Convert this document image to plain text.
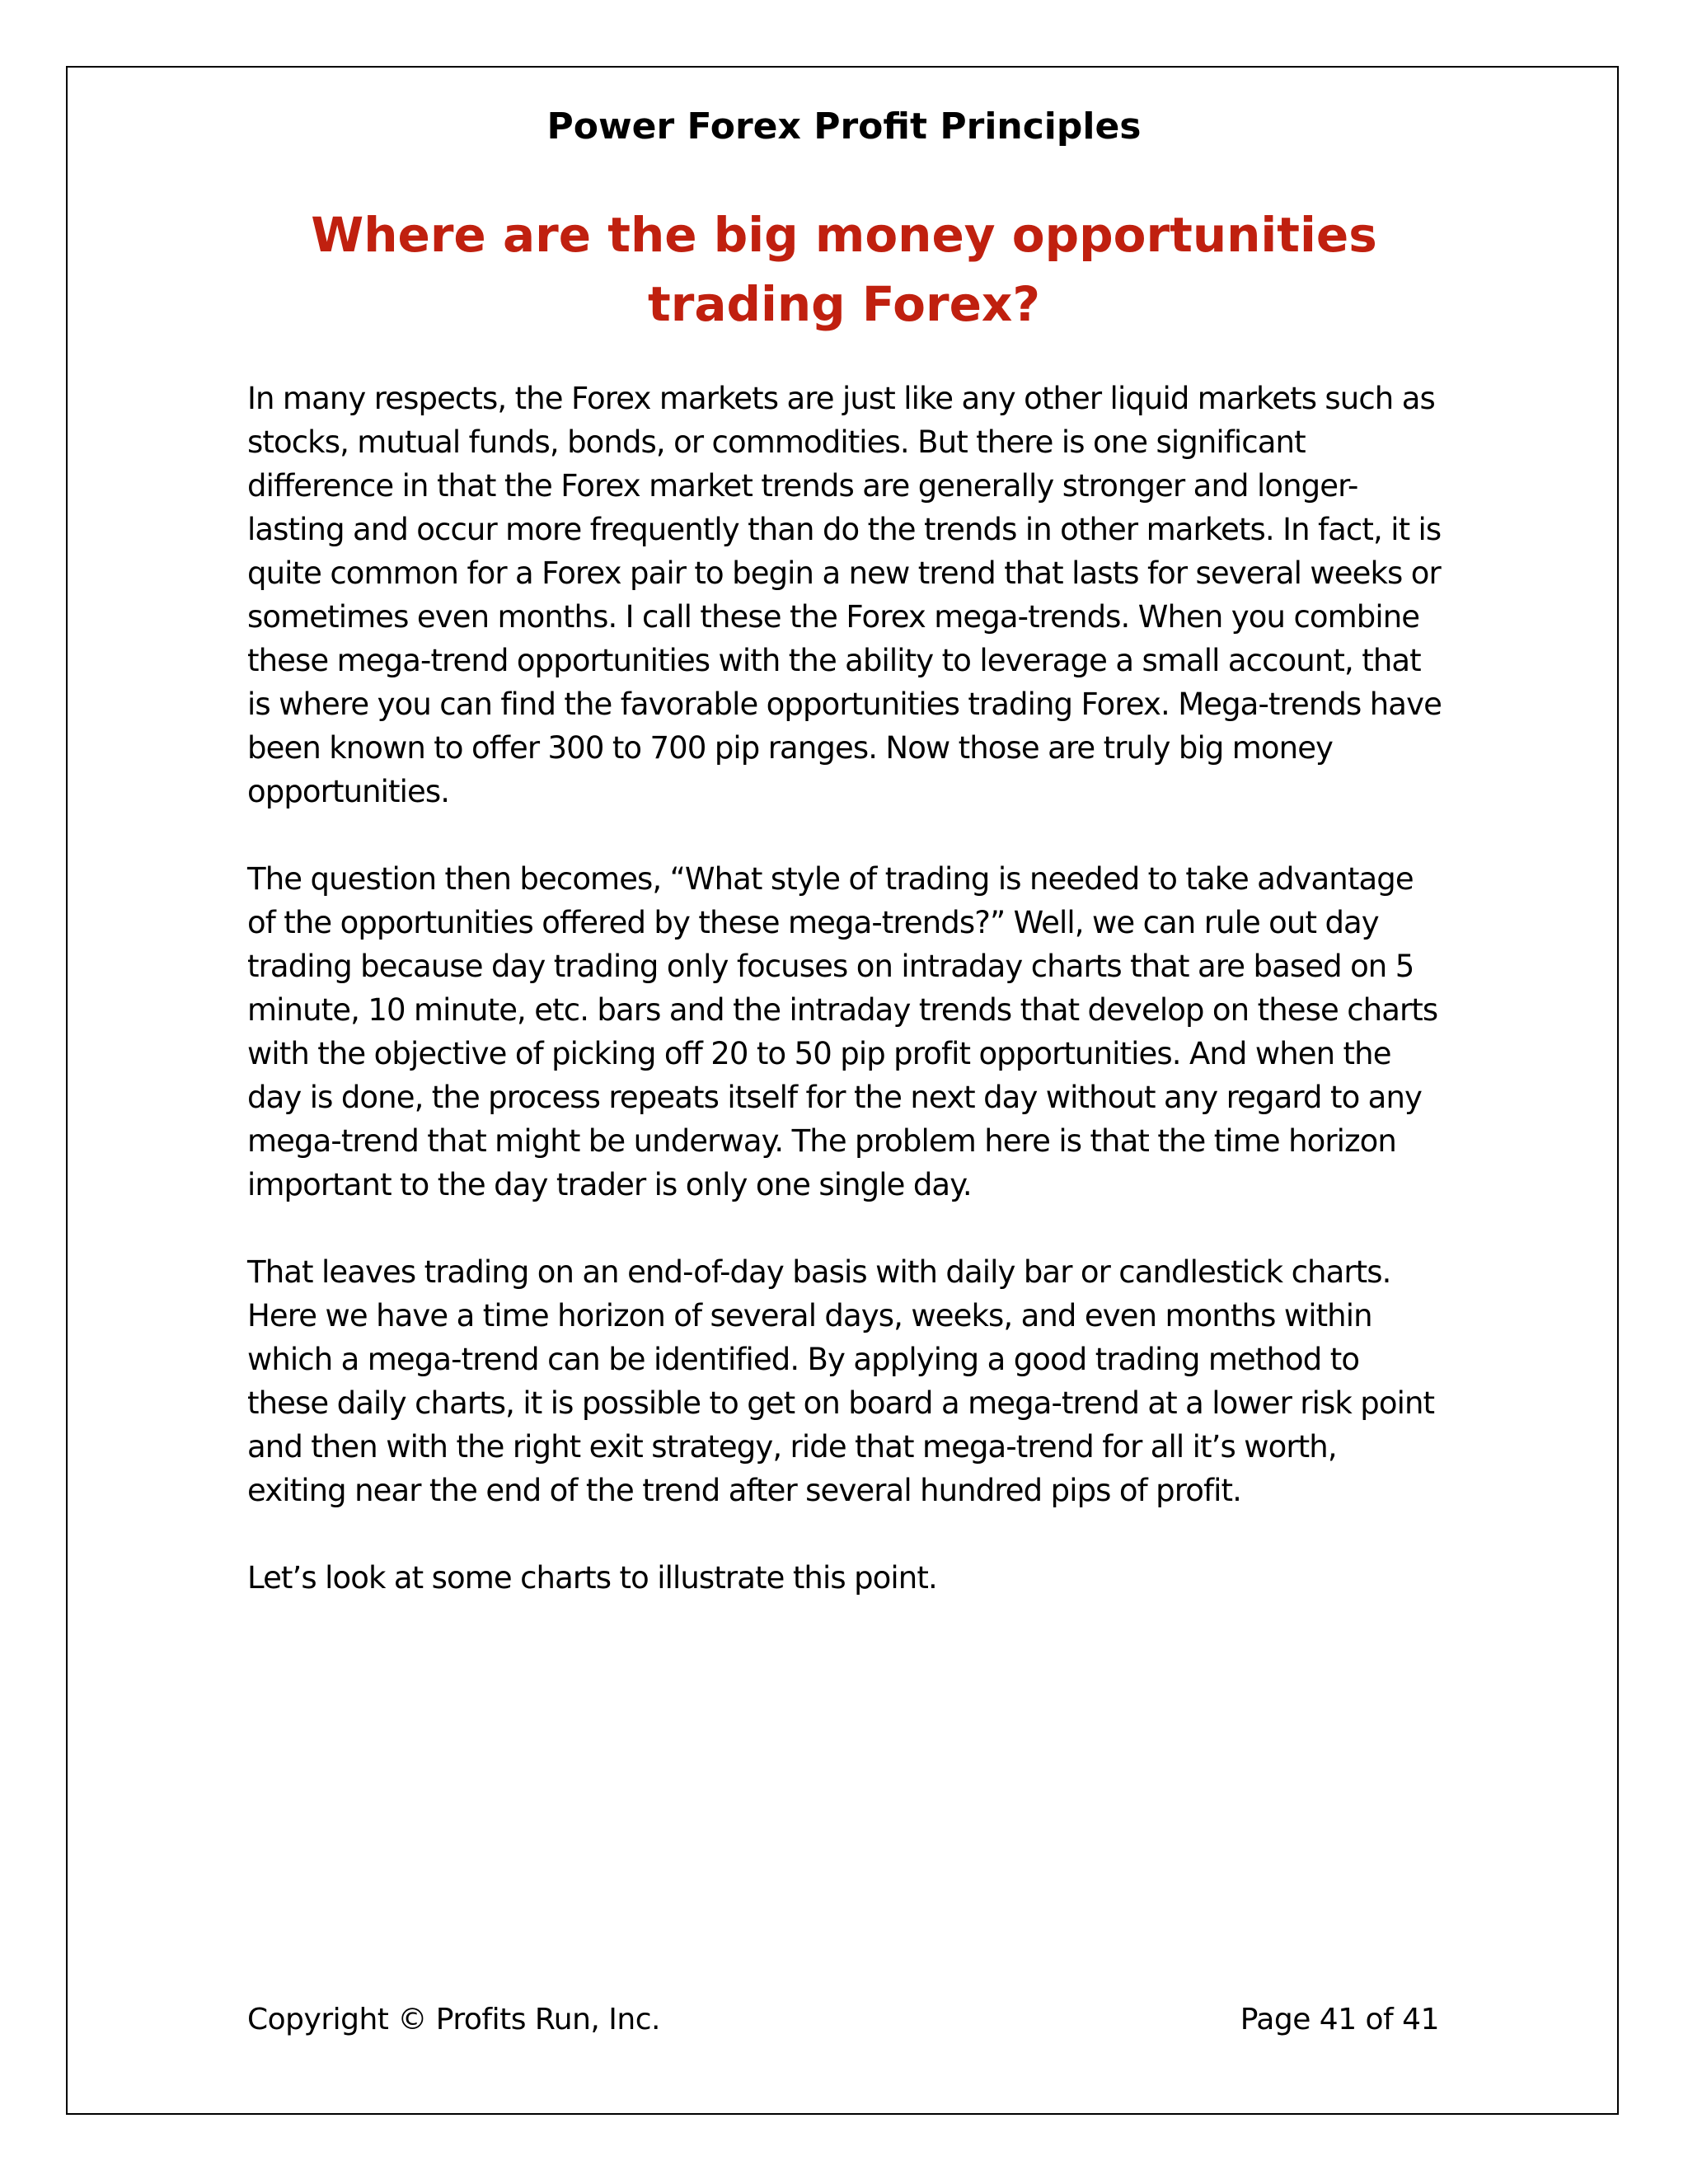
Power Forex Profit Principles
Where are the big money opportunities
trading Forex?

In many respects, the Forex markets are just like any other liquid markets such as stocks, mutual funds, bonds, or commodities. But there is one significant difference in that the Forex market trends are generally stronger and longer-lasting and occur more frequently than do the trends in other markets. In fact, it is quite common for a Forex pair to begin a new trend that lasts for several weeks or sometimes even months. I call these the Forex mega-trends. When you combine these mega-trend opportunities with the ability to leverage a small account, that is where you can find the favorable opportunities trading Forex. Mega-trends have been known to offer 300 to 700 pip ranges. Now those are truly big money opportunities.

The question then becomes, “What style of trading is needed to take advantage of the opportunities offered by these mega-trends?” Well, we can rule out day trading because day trading only focuses on intraday charts that are based on 5 minute, 10 minute, etc. bars and the intraday trends that develop on these charts with the objective of picking off 20 to 50 pip profit opportunities. And when the day is done, the process repeats itself for the next day without any regard to any mega-trend that might be underway. The problem here is that the time horizon important to the day trader is only one single day.

That leaves trading on an end-of-day basis with daily bar or candlestick charts. Here we have a time horizon of several days, weeks, and even months within which a mega-trend can be identified. By applying a good trading method to these daily charts, it is possible to get on board a mega-trend at a lower risk point and then with the right exit strategy, ride that mega-trend for all it’s worth, exiting near the end of the trend after several hundred pips of profit.

Let’s look at some charts to illustrate this point.

Copyright © Profits Run, Inc.	Page 41 of 41
